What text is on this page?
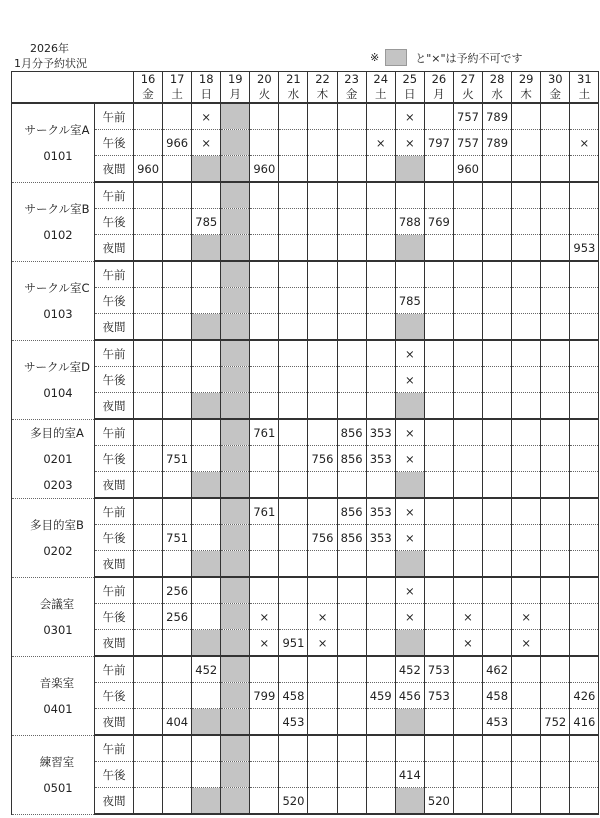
2026年
1月分予約状況	※	と"×"は予約不可です
		16	17	18	19	20	21	22	23	24	25	26	27	28	29	30	31
		金	土	日	月	火	水	木	金	土	日	月	火	水	木	金	土

サークル室A
0101	午前			×							×		757	789			
	午後		966	×						×	×	797	757	789			×
	夜間	960				960							960				

サークル室B
0102	午前																
	午後			785							788	769					
	夜間																953

サークル室C
0103	午前																
	午後										785						
	夜間																

サークル室D
0104	午前										×						
	午後										×						
	夜間																

多目的室A
0201
0203	午前					761			856	353	×						
	午後		751					756	856	353	×						
	夜間																

多目的室B
0202	午前					761			856	353	×						
	午後		751					756	856	353	×						
	夜間																

会議室
0301	午前		256								×						
	午後		256			×		×			×		×		×		
	夜間					×	951	×					×		×		

音楽室
0401	午前			452							452	753		462			
	午後					799	458			459	456	753		458			426
	夜間		404				453							453		752	416

練習室
0501	午前																
	午後										414						
	夜間						520					520					
